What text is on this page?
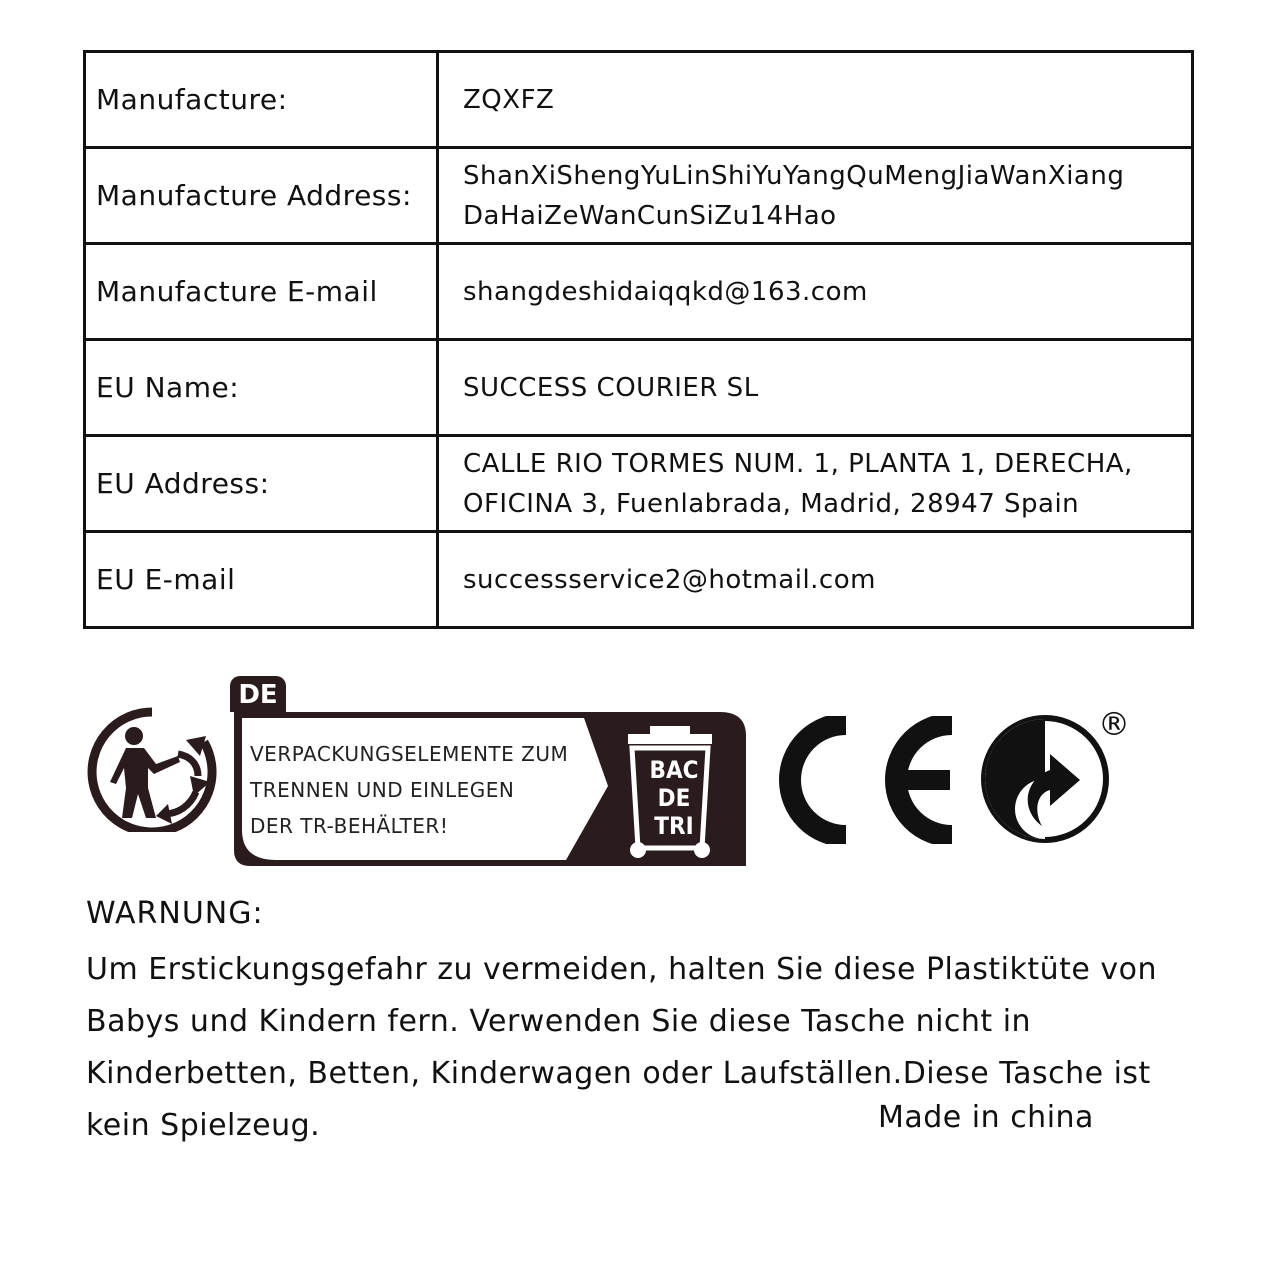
Manufacture:	ZQXFZ
Manufacture Address:	ShanXiShengYuLinShiYuYangQuMengJiaWanXiang DaHaiZeWanCunSiZu14Hao
Manufacture E-mail	shangdeshidaiqqkd@163.com
EU Name:	SUCCESS COURIER SL
EU Address:	CALLE RIO TORMES NUM. 1, PLANTA 1, DERECHA, OFICINA 3, Fuenlabrada, Madrid, 28947 Spain
EU E-mail	successservice2@hotmail.com
DE
VERPACKUNGSELEMENTE ZUM
TRENNEN UND EINLEGEN
DER TR-BEHÄLTER!
BAC
DE
TRI
®
WARNUNG:
Um Erstickungsgefahr zu vermeiden, halten Sie diese Plastiktüte von Babys und Kindern fern. Verwenden Sie diese Tasche nicht in Kinderbetten, Betten, Kinderwagen oder Laufställen.Diese Tasche ist kein Spielzeug.	Made in china
